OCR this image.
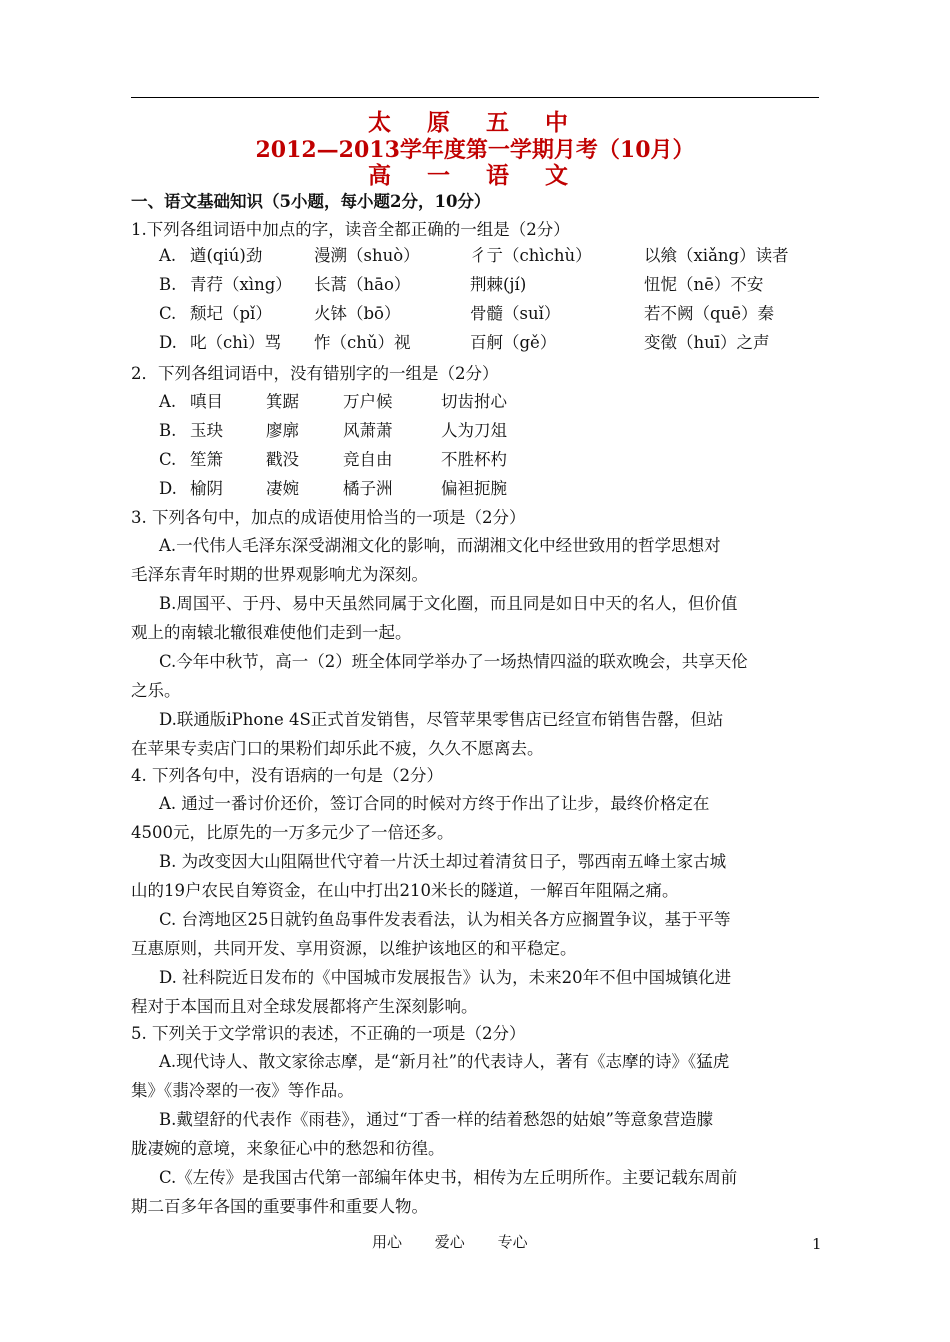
太 原 五 中
2012—2013学年度第一学期月考（10月）
高 一 语 文
一、语文基础知识（5小题，每小题2分，10分）
1.下列各组词语中加点的字，读音全都正确的一组是（2分）
A. 遒(qiú)劲	漫溯（shuò）	彳亍（chìchù）	以飨（xiǎng）读者
B. 青荇（xìng） 长蒿（hāo）	荆棘(jí)	忸怩（nē）不安
C. 颓圮（pǐ）	火钵（bō）	骨髓（suǐ）	若不阙（quē）秦
D. 叱（chì）骂 怍（chǔ）视	百舸（gě）	变徵（huī）之声
2．下列各组词语中，没有错别字的一组是（2分）
A. 嗔目	箕踞	万户候	切齿拊心
B. 玉玦	廖廓	风萧萧	人为刀俎
C. 笙箫	戳没	竞自由	不胜杯杓
D. 榆阴	凄婉	橘子洲	偏袒扼腕
3. 下列各句中，加点的成语使用恰当的一项是（2分）
A.一代伟人毛泽东深受湖湘文化的影响，而湖湘文化中经世致用的哲学思想对
毛泽东青年时期的世界观影响尤为深刻。
B.周国平、于丹、易中天虽然同属于文化圈，而且同是如日中天的名人，但价值
观上的南辕北辙很难使他们走到一起。
C.今年中秋节，高一（2）班全体同学举办了一场热情四溢的联欢晚会，共享天伦
之乐。
D.联通版iPhone 4S正式首发销售，尽管苹果零售店已经宣布销售告罄，但站
在苹果专卖店门口的果粉们却乐此不疲，久久不愿离去。
4. 下列各句中，没有语病的一句是（2分）
A. 通过一番讨价还价，签订合同的时候对方终于作出了让步，最终价格定在
4500元，比原先的一万多元少了一倍还多。
B. 为改变因大山阻隔世代守着一片沃土却过着清贫日子，鄂西南五峰土家古城
山的19户农民自筹资金，在山中打出210米长的隧道，一解百年阻隔之痛。
C. 台湾地区25日就钓鱼岛事件发表看法，认为相关各方应搁置争议，基于平等
互惠原则，共同开发、享用资源，以维护该地区的和平稳定。
D. 社科院近日发布的《中国城市发展报告》认为，未来20年不但中国城镇化进
程对于本国而且对全球发展都将产生深刻影响。
5. 下列关于文学常识的表述，不正确的一项是（2分）
A.现代诗人、散文家徐志摩，是“新月社”的代表诗人，著有《志摩的诗》《猛虎
集》《翡冷翠的一夜》等作品。
B.戴望舒的代表作《雨巷》，通过“丁香一样的结着愁怨的姑娘”等意象营造朦
胧凄婉的意境，来象征心中的愁怨和彷徨。
C.《左传》是我国古代第一部编年体史书，相传为左丘明所作。主要记载东周前
期二百多年各国的重要事件和重要人物。
用心 爱心 专心	1
